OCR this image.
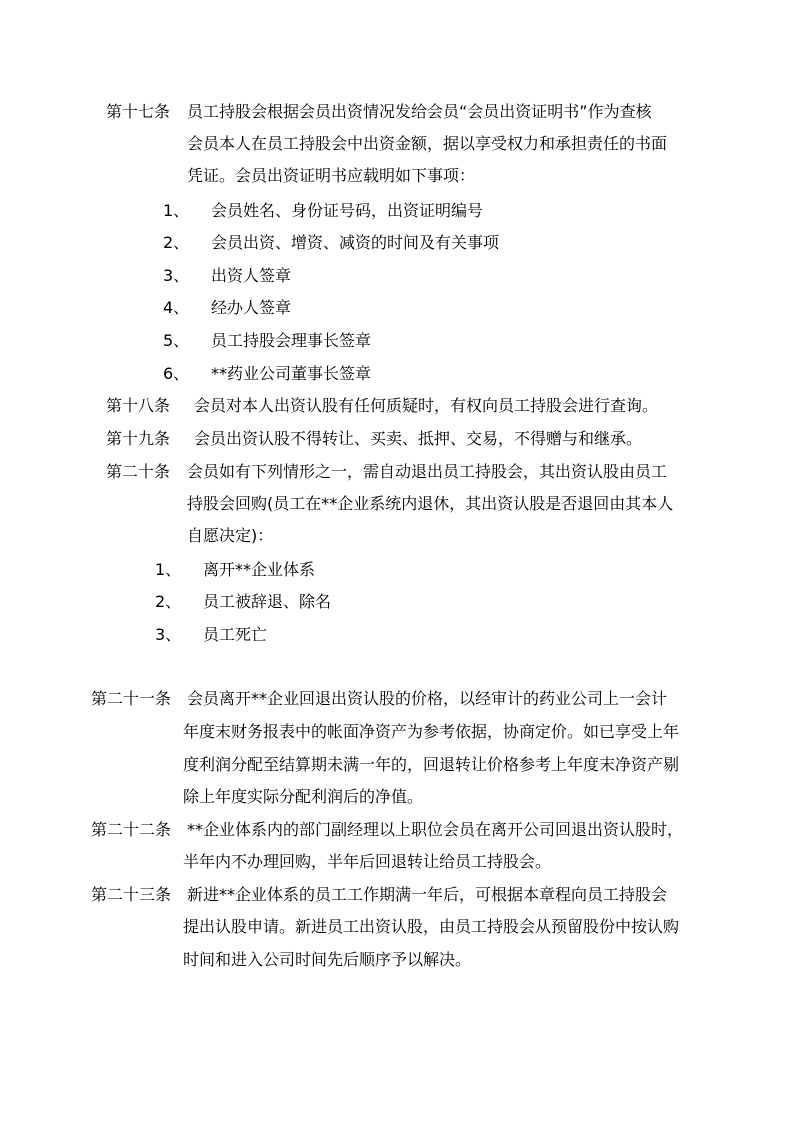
第十七条 员工持股会根据会员出资情况发给会员“会员出资证明书”作为查核
会员本人在员工持股会中出资金额，据以享受权力和承担责任的书面
凭证。会员出资证明书应载明如下事项：
1、 会员姓名、身份证号码，出资证明编号
2、 会员出资、增资、减资的时间及有关事项
3、 出资人签章
4、 经办人签章
5、 员工持股会理事长签章
6、 **药业公司董事长签章
第十八条 会员对本人出资认股有任何质疑时，有权向员工持股会进行查询。
第十九条 会员出资认股不得转让、买卖、抵押、交易，不得赠与和继承。
第二十条 会员如有下列情形之一，需自动退出员工持股会，其出资认股由员工
持股会回购(员工在**企业系统内退休，其出资认股是否退回由其本人
自愿决定)：
1、 离开**企业体系
2、 员工被辞退、除名
3、 员工死亡
第二十一条 会员离开**企业回退出资认股的价格，以经审计的药业公司上一会计
年度末财务报表中的帐面净资产为参考依据，协商定价。如已享受上年
度利润分配至结算期未满一年的，回退转让价格参考上年度末净资产剔
除上年度实际分配利润后的净值。
第二十二条 **企业体系内的部门副经理以上职位会员在离开公司回退出资认股时，
半年内不办理回购，半年后回退转让给员工持股会。
第二十三条 新进**企业体系的员工工作期满一年后，可根据本章程向员工持股会
提出认股申请。新进员工出资认股，由员工持股会从预留股份中按认购
时间和进入公司时间先后顺序予以解决。
